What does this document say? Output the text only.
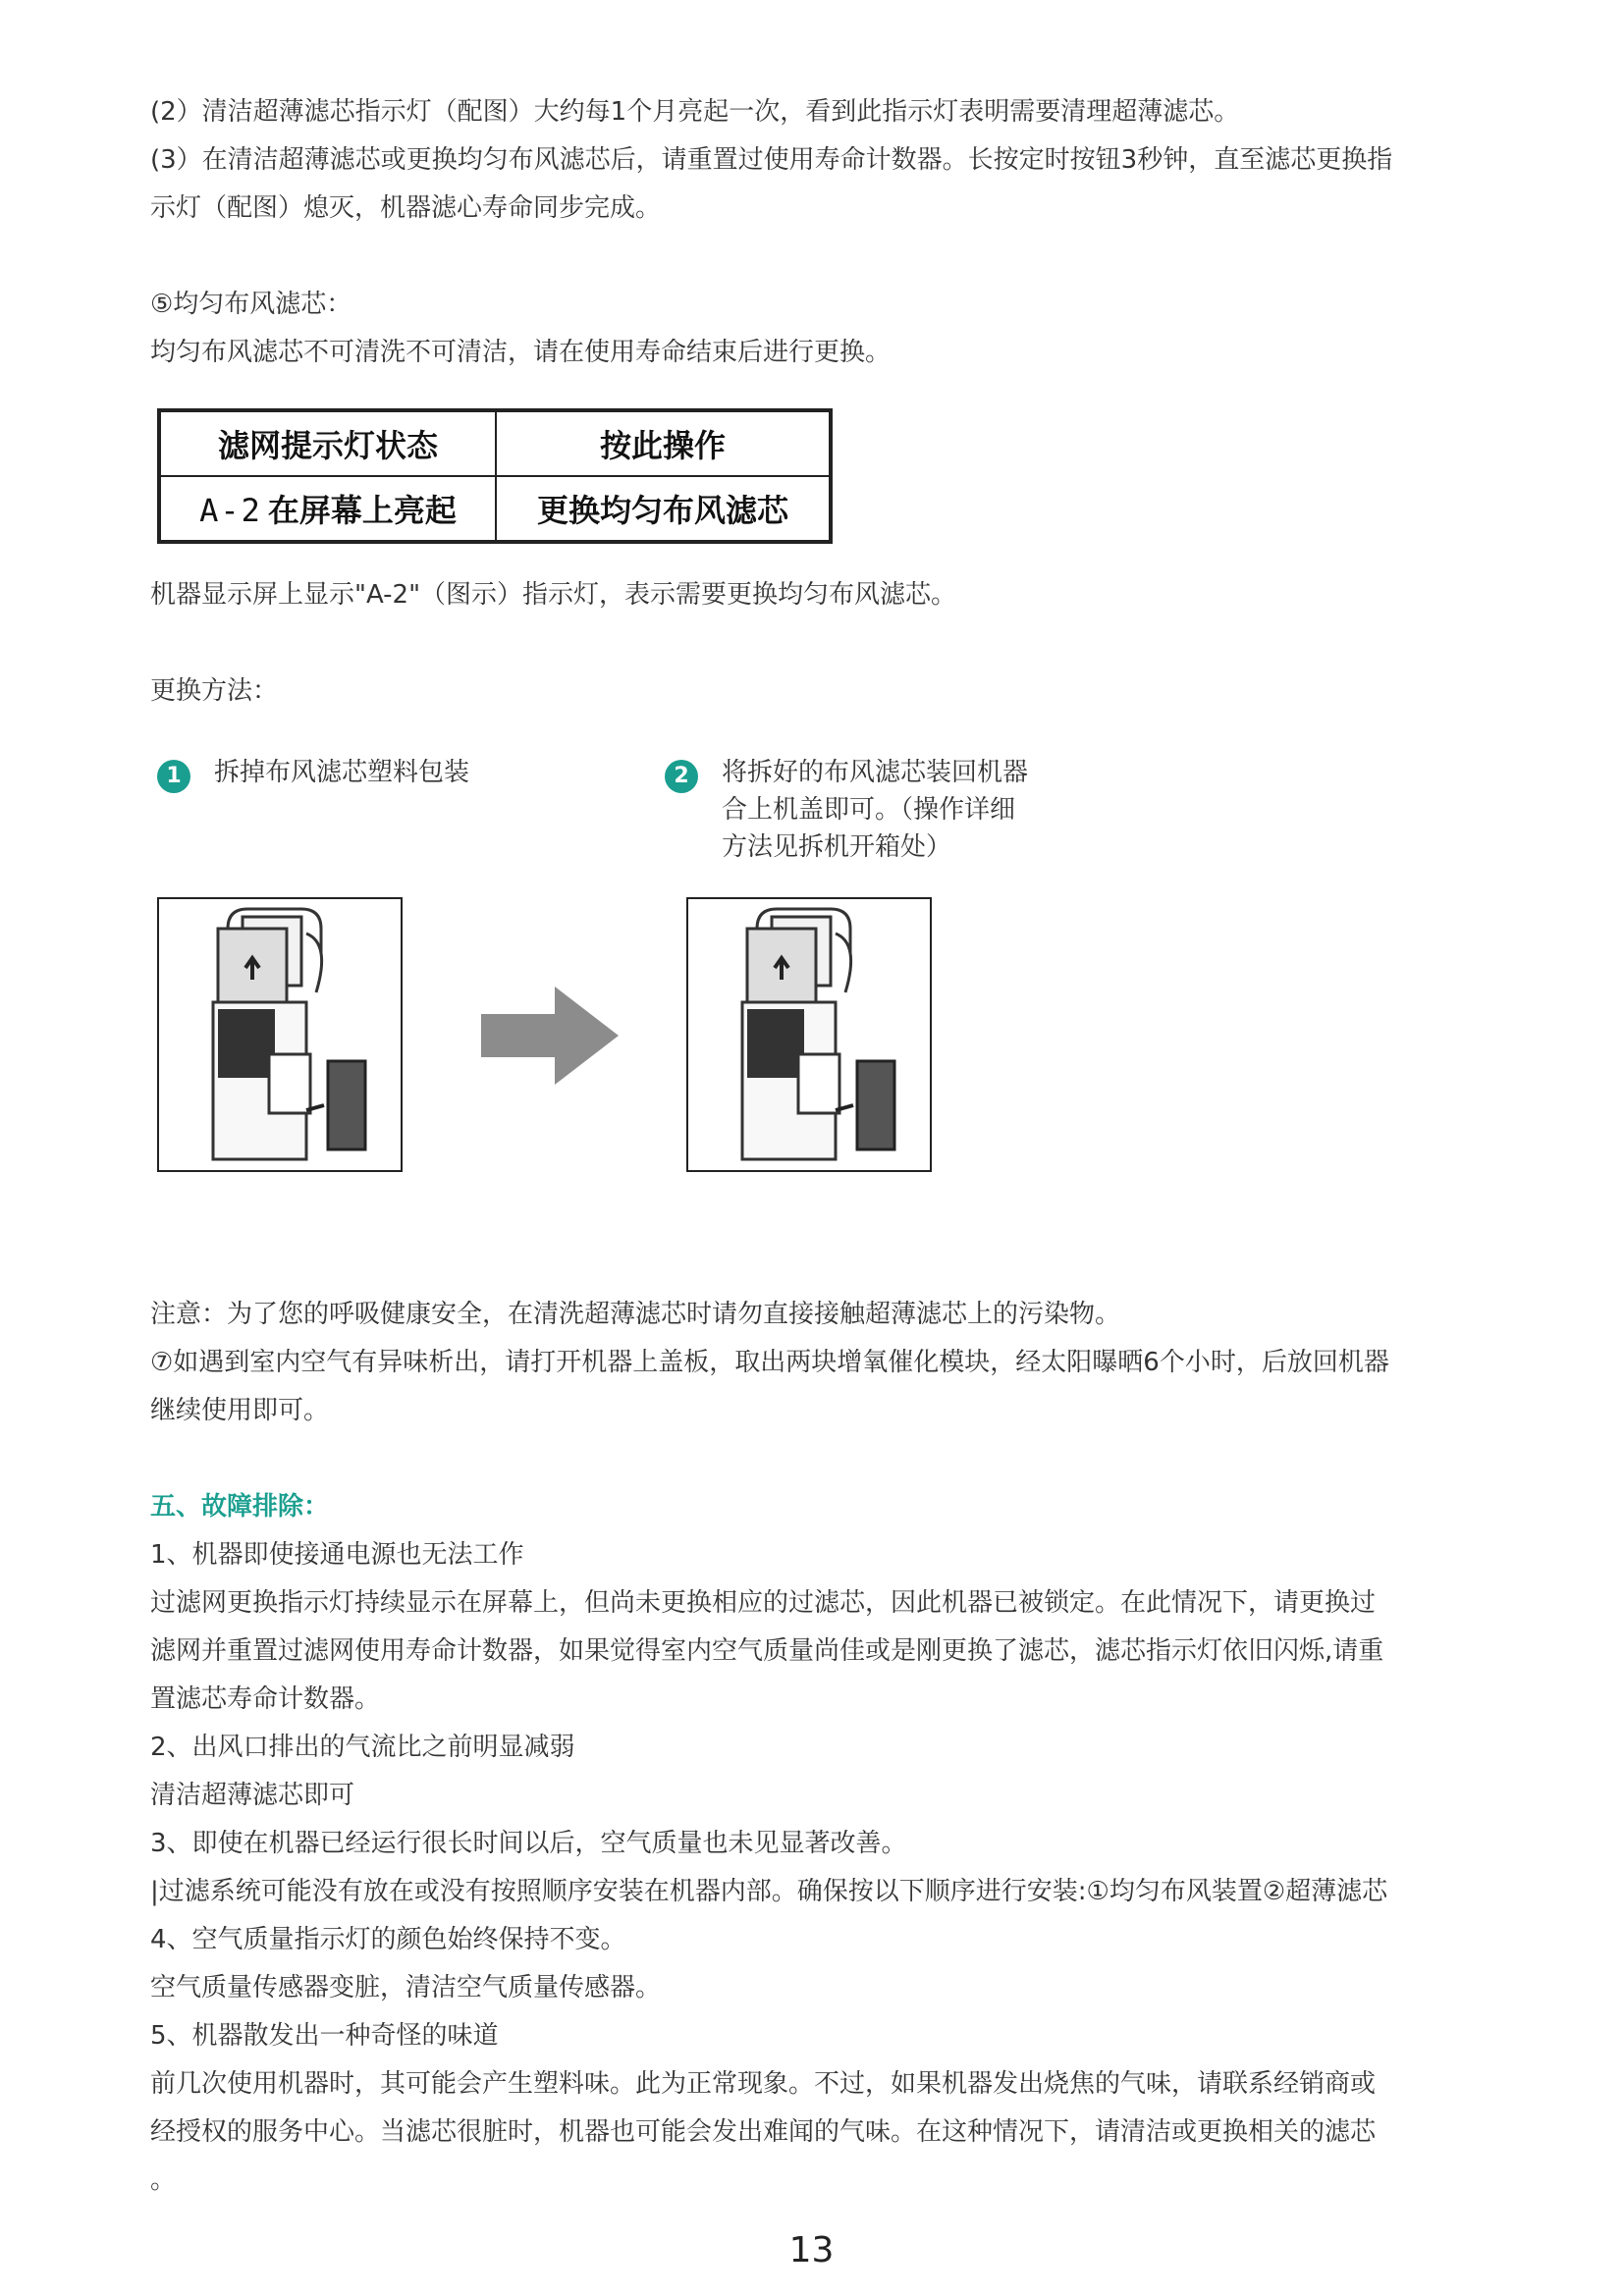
(2）清洁超薄滤芯指示灯（配图）大约每1个月亮起一次，看到此指示灯表明需要清理超薄滤芯。
(3）在清洁超薄滤芯或更换均匀布风滤芯后，请重置过使用寿命计数器。长按定时按钮3秒钟，直至滤芯更换指
示灯（配图）熄灭，机器滤心寿命同步完成。
⑤均匀布风滤芯：
均匀布风滤芯不可清洗不可清洁，请在使用寿命结束后进行更换。
滤网提示灯状态	按此操作
A-2 在屏幕上亮起	更换均匀布风滤芯
机器显示屏上显示"A-2"（图示）指示灯，表示需要更换均匀布风滤芯。
更换方法：
1	拆掉布风滤芯塑料包装	2	将拆好的布风滤芯装回机器
合上机盖即可。（操作详细
方法见拆机开箱处）
注意：为了您的呼吸健康安全，在清洗超薄滤芯时请勿直接接触超薄滤芯上的污染物。
⑦如遇到室内空气有异味析出，请打开机器上盖板，取出两块增氧催化模块，经太阳曝晒6个小时，后放回机器
继续使用即可。
五、故障排除：
1、机器即使接通电源也无法工作
过滤网更换指示灯持续显示在屏幕上，但尚未更换相应的过滤芯，因此机器已被锁定。在此情况下，请更换过
滤网并重置过滤网使用寿命计数器，如果觉得室内空气质量尚佳或是刚更换了滤芯，滤芯指示灯依旧闪烁,请重
置滤芯寿命计数器。
2、出风口排出的气流比之前明显减弱
清洁超薄滤芯即可
3、即使在机器已经运行很长时间以后，空气质量也未见显著改善。
|过滤系统可能没有放在或没有按照顺序安装在机器内部。确保按以下顺序进行安装:①均匀布风装置②超薄滤芯
4、空气质量指示灯的颜色始终保持不变。
空气质量传感器变脏，清洁空气质量传感器。
5、机器散发出一种奇怪的味道
前几次使用机器时，其可能会产生塑料味。此为正常现象。不过，如果机器发出烧焦的气味，请联系经销商或
经授权的服务中心。当滤芯很脏时，机器也可能会发出难闻的气味。在这种情况下，请清洁或更换相关的滤芯
。
13
